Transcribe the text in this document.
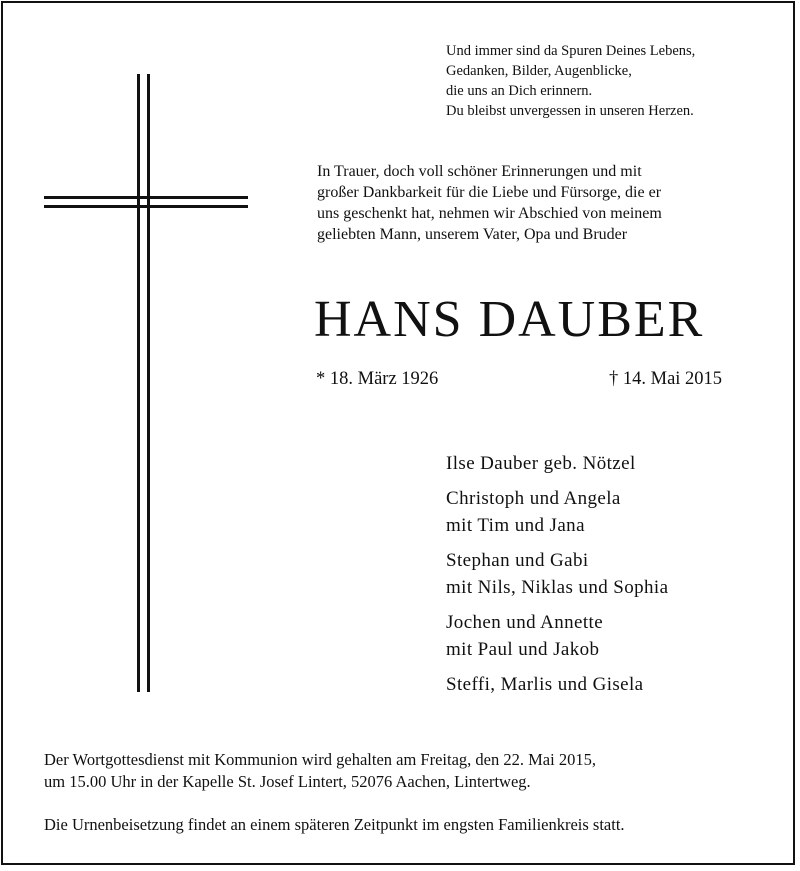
Und immer sind da Spuren Deines Lebens,
Gedanken, Bilder, Augenblicke,
die uns an Dich erinnern.
Du bleibst unvergessen in unseren Herzen.
In Trauer, doch voll schöner Erinnerungen und mit
großer Dankbarkeit für die Liebe und Fürsorge, die er
uns geschenkt hat, nehmen wir Abschied von meinem
geliebten Mann, unserem Vater, Opa und Bruder
HANS DAUBER
* 18. März 1926	† 14. Mai 2015
Ilse Dauber geb. Nötzel
Christoph und Angela
mit Tim und Jana
Stephan und Gabi
mit Nils, Niklas und Sophia
Jochen und Annette
mit Paul und Jakob
Steffi, Marlis und Gisela
Der Wortgottesdienst mit Kommunion wird gehalten am Freitag, den 22. Mai 2015,
um 15.00 Uhr in der Kapelle St. Josef Lintert, 52076 Aachen, Lintertweg.
Die Urnenbeisetzung findet an einem späteren Zeitpunkt im engsten Familienkreis statt.
